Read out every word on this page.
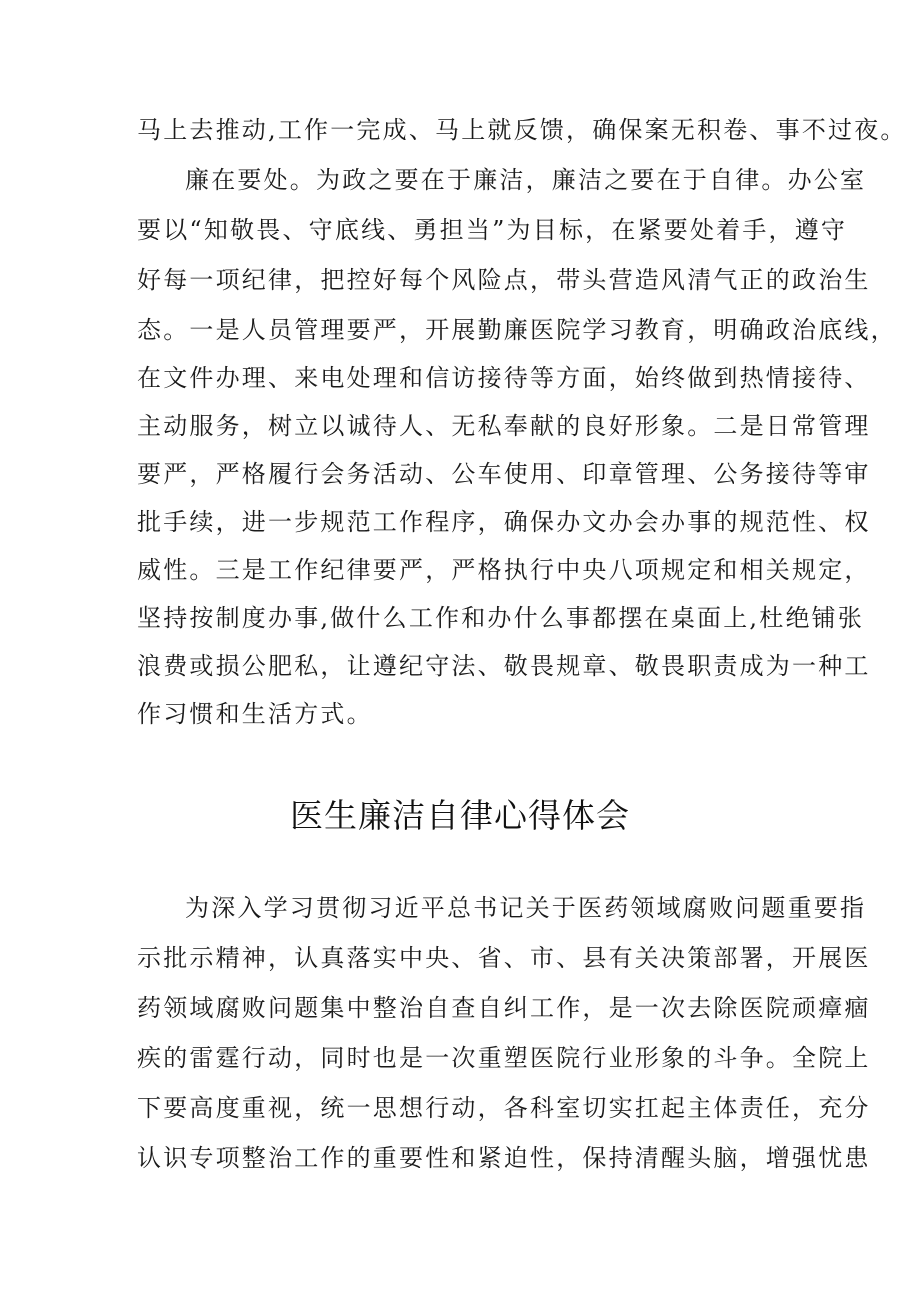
马上去推动,工作一完成、马上就反馈，确保案无积卷、事不过夜。
廉在要处。为政之要在于廉洁，廉洁之要在于自律。办公室
要以“知敬畏、守底线、勇担当”为目标，在紧要处着手，遵守
好每一项纪律，把控好每个风险点，带头营造风清气正的政治生
态。一是人员管理要严，开展勤廉医院学习教育，明确政治底线，
在文件办理、来电处理和信访接待等方面，始终做到热情接待、
主动服务，树立以诚待人、无私奉献的良好形象。二是日常管理
要严，严格履行会务活动、公车使用、印章管理、公务接待等审
批手续，进一步规范工作程序，确保办文办会办事的规范性、权
威性。三是工作纪律要严，严格执行中央八项规定和相关规定，
坚持按制度办事,做什么工作和办什么事都摆在桌面上,杜绝铺张
浪费或损公肥私，让遵纪守法、敬畏规章、敬畏职责成为一种工
作习惯和生活方式。
医生廉洁自律心得体会
为深入学习贯彻习近平总书记关于医药领域腐败问题重要指
示批示精神，认真落实中央、省、市、县有关决策部署，开展医
药领域腐败问题集中整治自查自纠工作，是一次去除医院顽瘴痼
疾的雷霆行动，同时也是一次重塑医院行业形象的斗争。全院上
下要高度重视，统一思想行动，各科室切实扛起主体责任，充分
认识专项整治工作的重要性和紧迫性，保持清醒头脑，增强忧患
